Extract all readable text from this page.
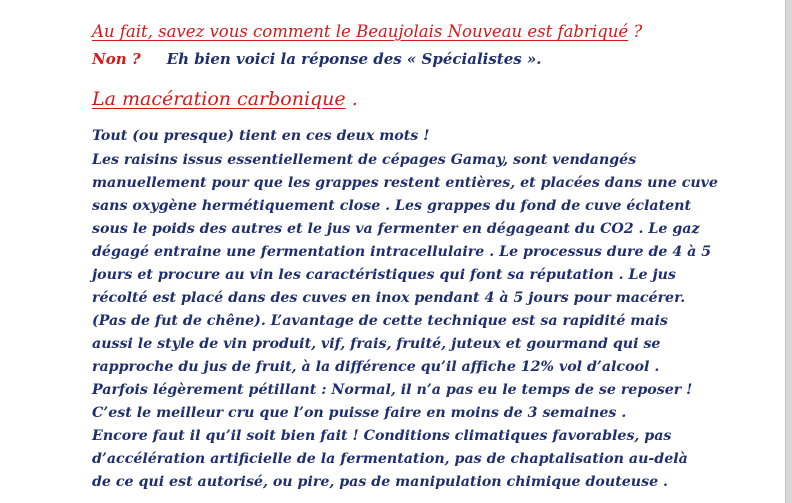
Au fait, savez vous comment le Beaujolais Nouveau est fabriqué ?
Non ? Eh bien voici la réponse des « Spécialistes ».
La macération carbonique .
Tout (ou presque) tient en ces deux mots !
Les raisins issus essentiellement de cépages Gamay, sont vendangés
manuellement pour que les grappes restent entières, et placées dans une cuve
sans oxygène hermétiquement close . Les grappes du fond de cuve éclatent
sous le poids des autres et le jus va fermenter en dégageant du CO2 . Le gaz
dégagé entraine une fermentation intracellulaire . Le processus dure de 4 à 5
jours et procure au vin les caractéristiques qui font sa réputation . Le jus
récolté est placé dans des cuves en inox pendant 4 à 5 jours pour macérer.
(Pas de fut de chêne). L’avantage de cette technique est sa rapidité mais
aussi le style de vin produit, vif, frais, fruité, juteux et gourmand qui se
rapproche du jus de fruit, à la différence qu’il affiche 12% vol d’alcool .
Parfois légèrement pétillant : Normal, il n’a pas eu le temps de se reposer !
C’est le meilleur cru que l’on puisse faire en moins de 3 semaines .
Encore faut il qu’il soit bien fait ! Conditions climatiques favorables, pas
d’accélération artificielle de la fermentation, pas de chaptalisation au-delà
de ce qui est autorisé, ou pire, pas de manipulation chimique douteuse .
